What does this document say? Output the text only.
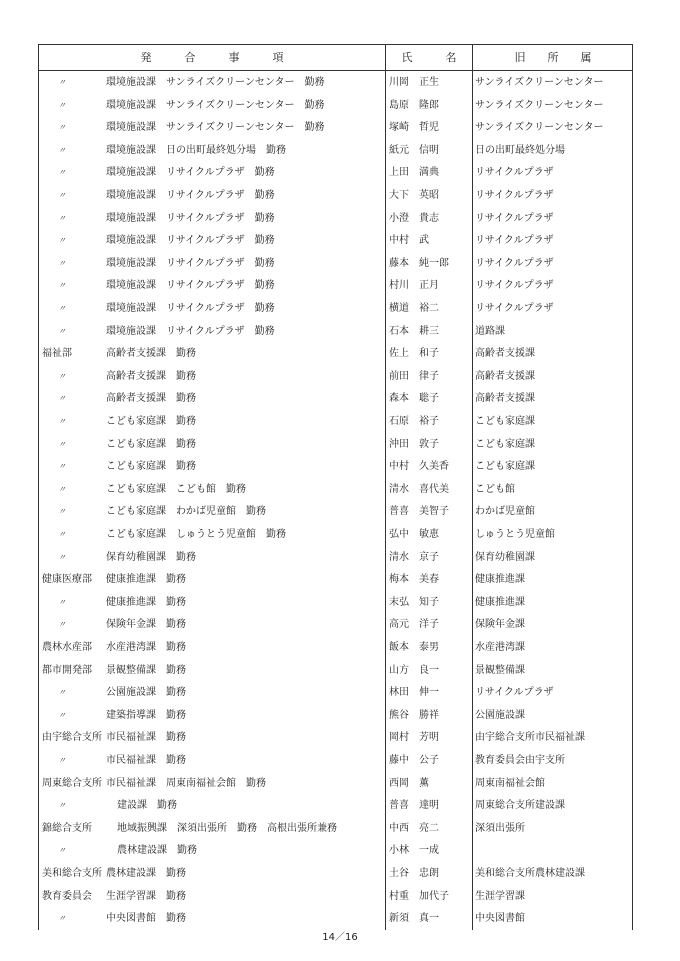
発　　　合　　　事　　　項	氏　　　名	旧　　所　　属
〃	環境施設課　サンライズクリーンセンター　勤務	川岡　正生	サンライズクリーンセンター
〃	環境施設課　サンライズクリーンセンター　勤務	島原　隆郎	サンライズクリーンセンター
〃	環境施設課　サンライズクリーンセンター　勤務	塚崎　哲児	サンライズクリーンセンター
〃	環境施設課　日の出町最終処分場　勤務	紙元　信明	日の出町最終処分場
〃	環境施設課　リサイクルプラザ　勤務	上田　満典	リサイクルプラザ
〃	環境施設課　リサイクルプラザ　勤務	大下　英昭	リサイクルプラザ
〃	環境施設課　リサイクルプラザ　勤務	小澄　貴志	リサイクルプラザ
〃	環境施設課　リサイクルプラザ　勤務	中村　武	リサイクルプラザ
〃	環境施設課　リサイクルプラザ　勤務	藤本　純一郎	リサイクルプラザ
〃	環境施設課　リサイクルプラザ　勤務	村川　正月	リサイクルプラザ
〃	環境施設課　リサイクルプラザ　勤務	横道　裕二	リサイクルプラザ
〃	環境施設課　リサイクルプラザ　勤務	石本　耕三	道路課
福祉部	高齢者支援課　勤務	佐上　和子	高齢者支援課
〃	高齢者支援課　勤務	前田　律子	高齢者支援課
〃	高齢者支援課　勤務	森本　聡子	高齢者支援課
〃	こども家庭課　勤務	石原　裕子	こども家庭課
〃	こども家庭課　勤務	沖田　敦子	こども家庭課
〃	こども家庭課　勤務	中村　久美香	こども家庭課
〃	こども家庭課　こども館　勤務	清水　喜代美	こども館
〃	こども家庭課　わかば児童館　勤務	普喜　美智子	わかば児童館
〃	こども家庭課　しゅうとう児童館　勤務	弘中　敏恵	しゅうとう児童館
〃	保育幼稚園課　勤務	清水　京子	保育幼稚園課
健康医療部	健康推進課　勤務	梅本　美春	健康推進課
〃	健康推進課　勤務	末弘　知子	健康推進課
〃	保険年金課　勤務	高元　洋子	保険年金課
農林水産部	水産港湾課　勤務	飯本　泰男	水産港湾課
都市開発部	景観整備課　勤務	山方　良一	景観整備課
〃	公園施設課　勤務	林田　伸一	リサイクルプラザ
〃	建築指導課　勤務	熊谷　勝祥	公園施設課
由宇総合支所 市民福祉課　勤務	岡村　芳明	由宇総合支所市民福祉課
〃	市民福祉課　勤務	藤中　公子	教育委員会由宇支所
周東総合支所 市民福祉課　周東南福祉会館　勤務	西岡　薫	周東南福祉会館
〃	建設課　勤務	普喜　達明	周東総合支所建設課
錦総合支所	地域振興課　深須出張所　勤務　高根出張所兼務	中西　亮二	深須出張所
〃	農林建設課　勤務	小林　一成
美和総合支所 農林建設課　勤務	土谷　忠朗	美和総合支所農林建設課
教育委員会	生涯学習課　勤務	村重　加代子	生涯学習課
〃	中央図書館　勤務	新須　真一	中央図書館
14／16
